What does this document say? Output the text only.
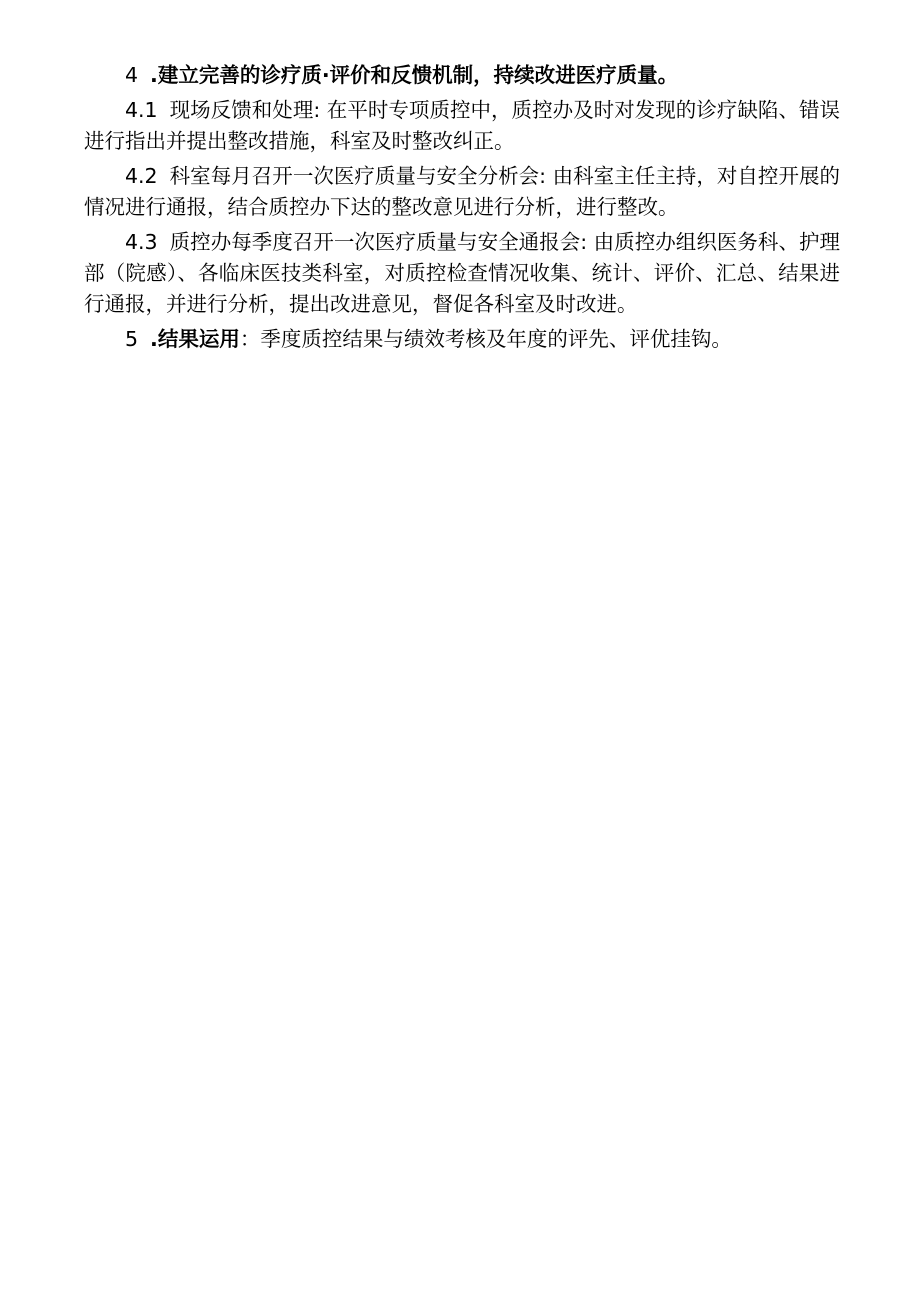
4 .建立完善的诊疗质·评价和反愦机制，持续改进医疗质量。

4.1 现场反馈和处理: 在平时专项质控中，质控办及时对发现的诊疗缺陷、错误进行指出并提出整改措施，科室及时整改纠正。

4.2 科室每月召开一次医疗质量与安全分析会: 由科室主任主持，对自控开展的情况进行通报，结合质控办下达的整改意见进行分析，进行整改。

4.3 质控办每季度召开一次医疗质量与安全通报会: 由质控办组织医务科、护理部（院感）、各临床医技类科室，对质控检查情况收集、统计、评价、汇总、结果进行通报，并进行分析，提出改进意见，督促各科室及时改进。

5 .结果运用：季度质控结果与绩效考核及年度的评先、评优挂钩。
